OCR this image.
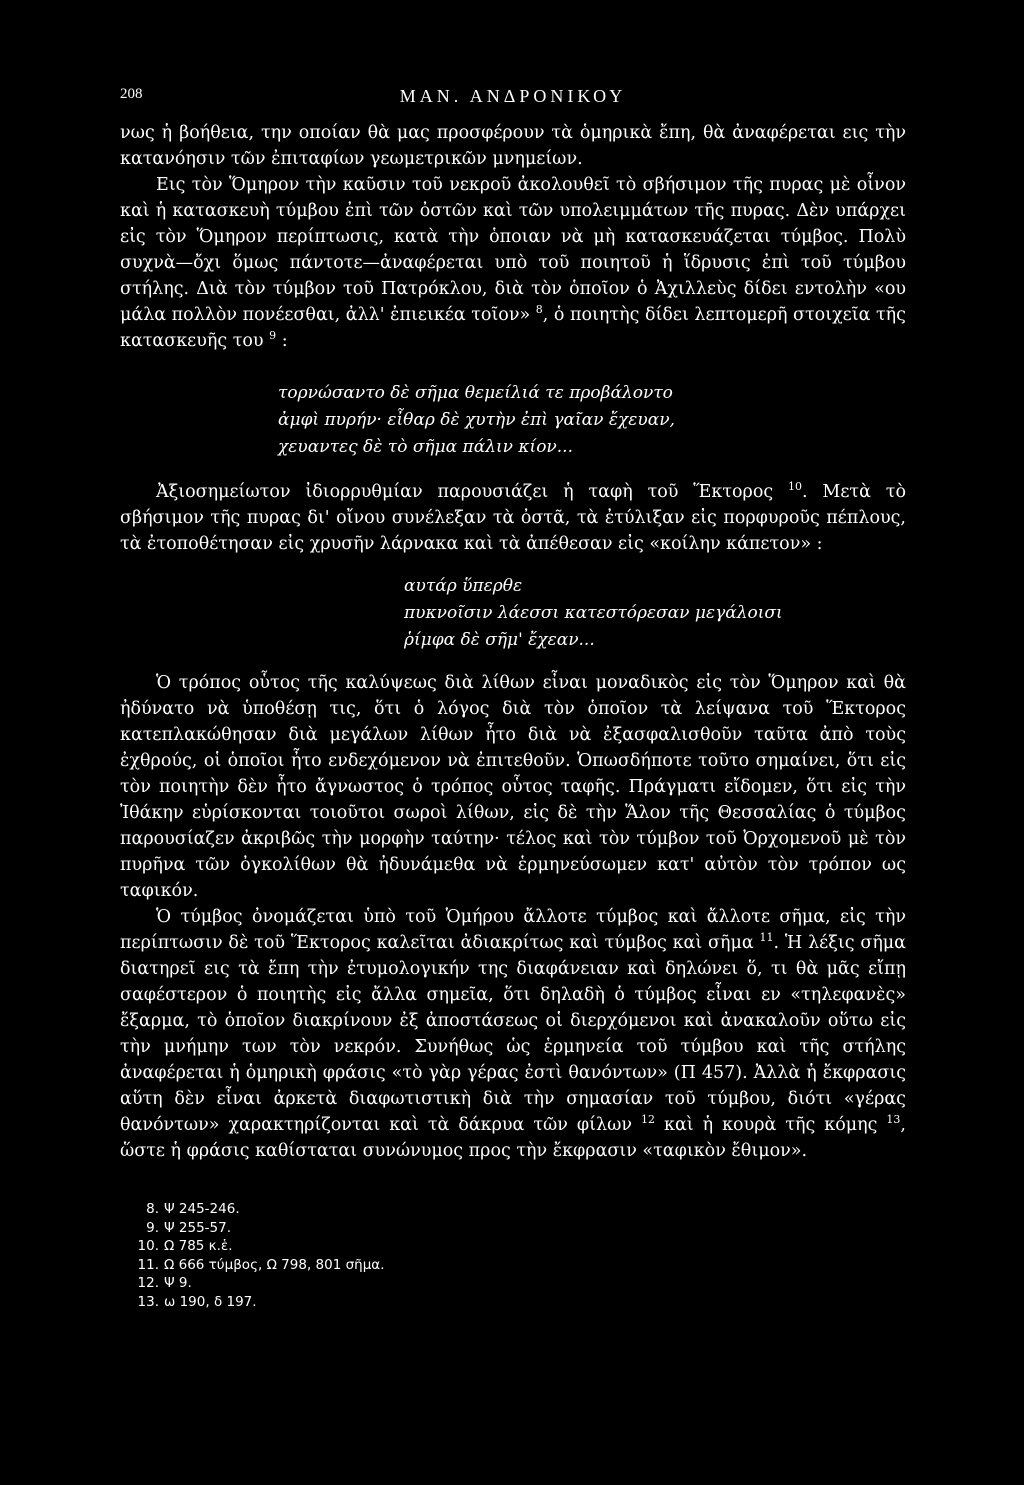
208	ΜΑΝ. ΑΝΔΡΟΝΙΚΟΥ

νως ἡ βοήθεια, την οποίαν θὰ μας προσφέρουν τὰ ὁμηρικὰ ἔπη, θὰ ἀναφέρεται εις τὴν κατανόησιν τῶν ἐπιταφίων γεωμετρικῶν μνημείων.

Εις τὸν Ὅμηρον τὴν καῦσιν τοῦ νεκροῦ ἀκολουθεῖ τὸ σβήσιμον τῆς πυρας μὲ οἶνον καὶ ἡ κατασκευὴ τύμβου ἐπὶ τῶν ὀστῶν καὶ τῶν υπολειμμάτων τῆς πυρας. Δὲν υπάρχει εἰς τὸν Ὅμηρον περίπτωσις, κατὰ τὴν ὁποιαν νὰ μὴ κατασκευάζεται τύμβος. Πολὺ συχνὰ—ὄχι ὅμως πάντοτε—ἀναφέρεται υπὸ τοῦ ποιητοῦ ἡ ἵδρυσις ἐπὶ τοῦ τύμβου στήλης. Διὰ τὸν τύμβον τοῦ Πατρόκλου, διὰ τὸν ὁποῖον ὁ Ἀχιλλεὺς δίδει εντολὴν «ου μάλα πολλὸν πονέεσθαι, ἀλλ' ἐπιεικέα τοῖον» $^8$, ὁ ποιητὴς δίδει λεπτομερῆ στοιχεῖα τῆς κατασκευῆς του $^9$ :

τορνώσαντο δὲ σῆμα θεμείλιά τε προβάλοντο
ἀμφὶ πυρήν· εἶθαρ δὲ χυτὴν ἐπὶ γαῖαν ἔχευαν,
χευαντες δὲ τὸ σῆμα πάλιν κίον...

Ἀξιοσημείωτον ἰδιορρυθμίαν παρουσιάζει ἡ ταφὴ τοῦ Ἕκτορος $^{10}$. Μετὰ τὸ σβήσιμον τῆς πυρας δι' οἴνου συνέλεξαν τὰ ὀστᾶ, τὰ ἐτύλιξαν εἰς πορφυροῦς πέπλους, τὰ ἐτοποθέτησαν εἰς χρυσῆν λάρνακα καὶ τὰ ἀπέθεσαν εἰς «κοίλην κάπετον» :

αυτάρ ὕπερθε
πυκνοῖσιν λάεσσι κατεστόρεσαν μεγάλοισι
ῥίμφα δὲ σῆμ' ἔχεαν...

Ὁ τρόπος οὗτος τῆς καλύψεως διὰ λίθων εἶναι μοναδικὸς εἰς τὸν Ὅμηρον καὶ θὰ ἠδύνατο νὰ ὑποθέσῃ τις, ὅτι ὁ λόγος διὰ τὸν ὁποῖον τὰ λείψανα τοῦ Ἕκτορος κατεπλακώθησαν διὰ μεγάλων λίθων ἦτο διὰ νὰ ἐξασφαλισθοῦν ταῦτα ἀπὸ τοὺς ἐχθρούς, οἱ ὁποῖοι ἦτο ενδεχόμενον νὰ ἐπιτεθοῦν. Ὁπωσδήποτε τοῦτο σημαίνει, ὅτι εἰς τὸν ποιητὴν δὲν ἦτο ἄγνωστος ὁ τρόπος οὗτος ταφῆς. Πράγματι εἴδομεν, ὅτι εἰς τὴν Ἰθάκην εὑρίσκονται τοιοῦτοι σωροὶ λίθων, εἰς δὲ τὴν Ἅλον τῆς Θεσσαλίας ὁ τύμβος παρουσίαζεν ἀκριβῶς τὴν μορφὴν ταύτην· τέλος καὶ τὸν τύμβον τοῦ Ὀρχομενοῦ μὲ τὸν πυρῆνα τῶν ὀγκολίθων θὰ ἠδυνάμεθα νὰ ἑρμηνεύσωμεν κατ' αὐτὸν τὸν τρόπον ως ταφικόν.

Ὁ τύμβος ὀνομάζεται ὑπὸ τοῦ Ὁμήρου ἄλλοτε τύμβος καὶ ἄλλοτε σῆμα, εἰς τὴν περίπτωσιν δὲ τοῦ Ἕκτορος καλεῖται ἀδιακρίτως καὶ τύμβος καὶ σῆμα $^{11}$. Ἡ λέξις σῆμα διατηρεῖ εις τὰ ἔπη τὴν ἐτυμολογικήν της διαφάνειαν καὶ δηλώνει ὅ, τι θὰ μᾶς εἴπῃ σαφέστερον ὁ ποιητὴς εἰς ἄλλα σημεῖα, ὅτι δηλαδὴ ὁ τύμβος εἶναι εν «τηλεφανὲς» ἔξαρμα, τὸ ὁποῖον διακρίνουν ἐξ ἀποστάσεως οἱ διερχόμενοι καὶ ἀνακαλοῦν οὕτω εἰς τὴν μνήμην των τὸν νεκρόν. Συνήθως ὡς ἑρμηνεία τοῦ τύμβου καὶ τῆς στήλης ἀναφέρεται ἡ ὁμηρικὴ φράσις «τὸ γὰρ γέρας ἐστὶ θανόντων» (Π 457). Ἀλλὰ ἡ ἔκφρασις αὕτη δὲν εἶναι ἀρκετὰ διαφωτιστικὴ διὰ τὴν σημασίαν τοῦ τύμβου, διότι «γέρας θανόντων» χαρακτηρίζονται καὶ τὰ δάκρυα τῶν φίλων $^{12}$ καὶ ἡ κουρὰ τῆς κόμης $^{13}$, ὥστε ἡ φράσις καθίσταται συνώνυμος προς τὴν ἔκφρασιν «ταφικὸν ἔθιμον».

8. Ψ 245-246.
9. Ψ 255-57.
10. Ω 785 κ.ἑ.
11. Ω 666 τύμβος, Ω 798, 801 σῆμα.
12. Ψ 9.
13. ω 190, δ 197.
